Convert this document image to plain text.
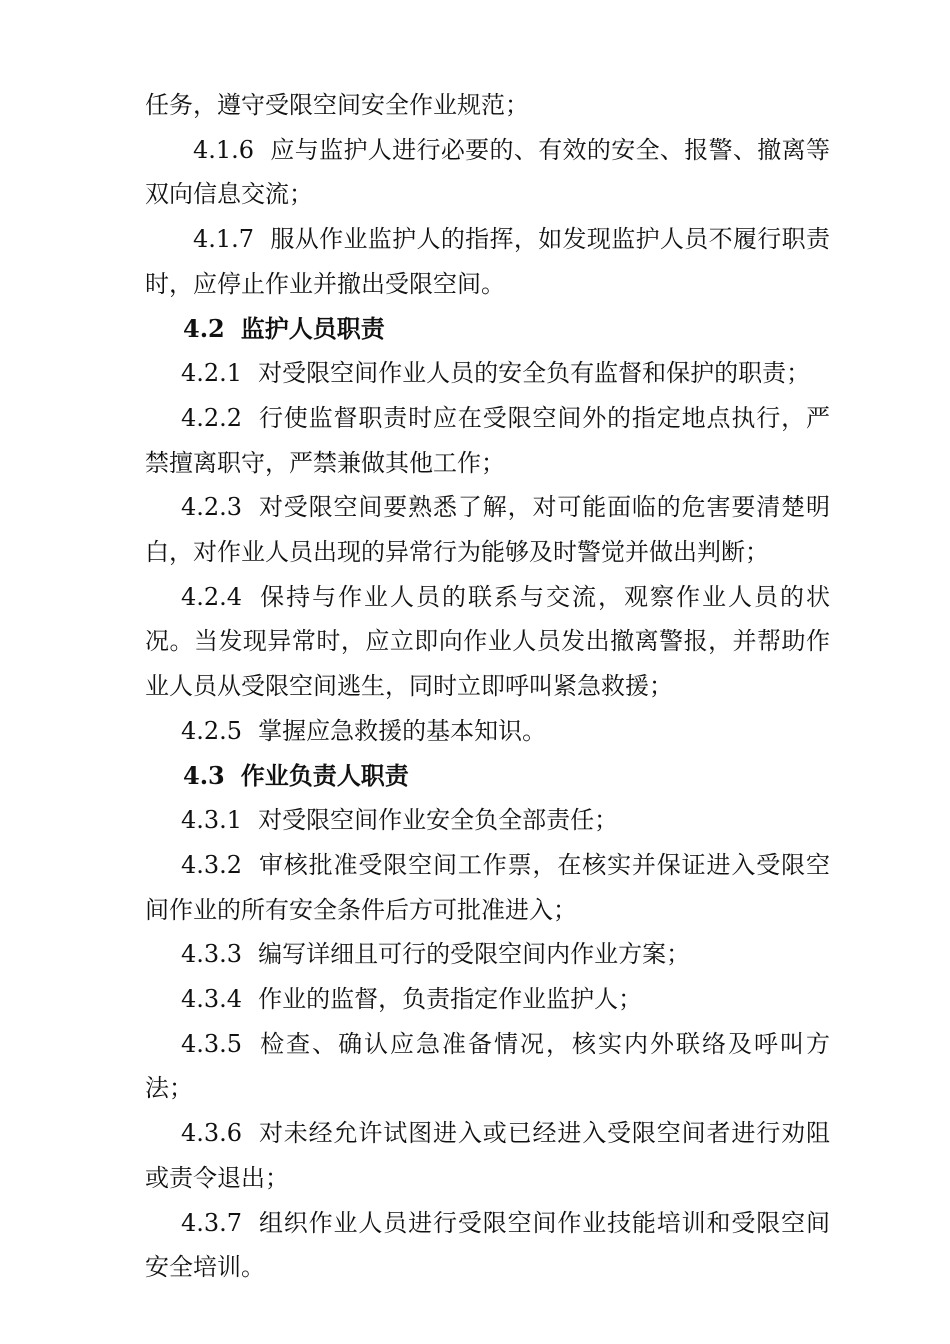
任务，遵守受限空间安全作业规范；

4.1.6 应与监护人进行必要的、有效的安全、报警、撤离等双向信息交流；

4.1.7 服从作业监护人的指挥，如发现监护人员不履行职责时，应停止作业并撤出受限空间。

4.2 监护人员职责

4.2.1 对受限空间作业人员的安全负有监督和保护的职责；

4.2.2 行使监督职责时应在受限空间外的指定地点执行，严禁擅离职守，严禁兼做其他工作；

4.2.3 对受限空间要熟悉了解，对可能面临的危害要清楚明白，对作业人员出现的异常行为能够及时警觉并做出判断；

4.2.4 保持与作业人员的联系与交流，观察作业人员的状况。当发现异常时，应立即向作业人员发出撤离警报，并帮助作业人员从受限空间逃生，同时立即呼叫紧急救援；

4.2.5 掌握应急救援的基本知识。

4.3 作业负责人职责

4.3.1 对受限空间作业安全负全部责任；

4.3.2 审核批准受限空间工作票，在核实并保证进入受限空间作业的所有安全条件后方可批准进入；

4.3.3 编写详细且可行的受限空间内作业方案；

4.3.4 作业的监督，负责指定作业监护人；

4.3.5 检查、确认应急准备情况，核实内外联络及呼叫方法；

4.3.6 对未经允许试图进入或已经进入受限空间者进行劝阻或责令退出；

4.3.7 组织作业人员进行受限空间作业技能培训和受限空间安全培训。
